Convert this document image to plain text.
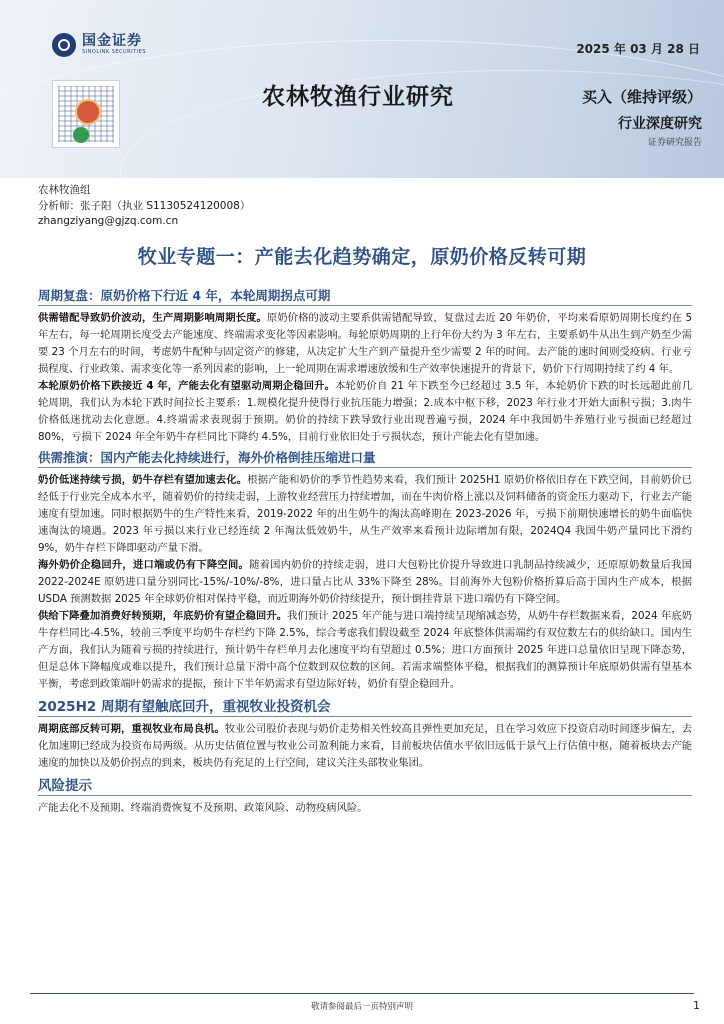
国金证券
SINOLINK SECURITIES	2025 年 03 月 28 日
农林牧渔行业研究	买入（维持评级）
行业深度研究
证券研究报告
农林牧渔组
分析师：张子阳（执业 S1130524120008）
zhangziyang@gjzq.com.cn
牧业专题一：产能去化趋势确定，原奶价格反转可期
周期复盘：原奶价格下行近 4 年，本轮周期拐点可期

供需错配导致奶价波动，生产周期影响周期长度。原奶价格的波动主要系供需错配导致，复盘过去近 20 年奶价，平均来看原奶周期长度约在 5 年左右，每一轮周期长度受去产能速度、终端需求变化等因素影响。每轮原奶周期的上行年份大约为 3 年左右，主要系奶牛从出生到产奶至少需要 23 个月左右的时间，考虑奶牛配种与固定资产的修建，从决定扩大生产到产量提升至少需要 2 年的时间。去产能的速时间则受疫病、行业亏损程度、行业政策、需求变化等一系列因素的影响，上一轮周期在需求增速放缓和生产效率快速提升的背景下，奶价下行周期持续了约 4 年。

本轮原奶价格下跌接近 4 年，产能去化有望驱动周期企稳回升。本轮奶价自 21 年下跌至今已经超过 3.5 年，本轮奶价下跌的时长远超此前几轮周期，我们认为本轮下跌时间拉长主要系：1.规模化提升使得行业抗压能力增强；2.成本中枢下移，2023 年行业才开始大面积亏损；3.肉牛价格低迷扰动去化意愿。4.终端需求表现弱于预期。奶价的持续下跌导致行业出现普遍亏损，2024 年中我国奶牛养殖行业亏损面已经超过 80%，亏损下 2024 年全年奶牛存栏同比下降约 4.5%，目前行业依旧处于亏损状态，预计产能去化有望加速。

供需推演：国内产能去化持续进行，海外价格倒挂压缩进口量

奶价低迷持续亏损，奶牛存栏有望加速去化。根据产能和奶价的季节性趋势来看，我们预计 2025H1 原奶价格依旧存在下跌空间，目前奶价已经低于行业完全成本水平，随着奶价的持续走弱，上游牧业经营压力持续增加，而在牛肉价格上涨以及饲料储备的资金压力驱动下，行业去产能速度有望加速。同时根据奶牛的生产特性来看，2019-2022 年的出生奶牛的淘汰高峰期在 2023-2026 年，亏损下前期快速增长的奶牛面临快速淘汰的境遇。2023 年亏损以来行业已经连续 2 年淘汰低效奶牛，从生产效率来看预计边际增加有限，2024Q4 我国牛奶产量同比下滑约 9%，奶牛存栏下降即驱动产量下滑。

海外奶价企稳回升，进口端或仍有下降空间。随着国内奶价的持续走弱，进口大包粉比价提升导致进口乳制品持续减少，还原原奶数量后我国 2022-2024E 原奶进口量分别同比-15%/-10%/-8%，进口量占比从 33%下降至 28%。目前海外大包粉价格折算后高于国内生产成本，根据 USDA 预测数据 2025 年全球奶价相对保持平稳，而近期海外奶价持续提升，预计倒挂背景下进口端仍有下降空间。

供给下降叠加消费好转预期，年底奶价有望企稳回升。我们预计 2025 年产能与进口端持续呈现缩减态势，从奶牛存栏数据来看，2024 年底奶牛存栏同比-4.5%，较前三季度平均奶牛存栏约下降 2.5%，综合考虑我们假设截至 2024 年底整体供需端约有双位数左右的供给缺口。国内生产方面，我们认为随着亏损的持续进行，预计奶牛存栏单月去化速度平均有望超过 0.5%；进口方面预计 2025 年进口总量依旧呈现下降态势，但是总体下降幅度或难以提升，我们预计总量下滑中高个位数到双位数的区间。若需求端整体平稳，根据我们的测算预计年底原奶供需有望基本平衡，考虑到政策端叶奶需求的提振，预计下半年奶需求有望边际好转，奶价有望企稳回升。

2025H2 周期有望触底回升，重视牧业投资机会

周期底部反转可期，重视牧业布局良机。牧业公司股价表现与奶价走势相关性较高且弹性更加充足，且在学习效应下投资启动时间逐步偏左，去化加速期已经成为投资布局两级。从历史估值位置与牧业公司盈利能力来看，目前板块估值水平依旧远低于景气上行估值中枢，随着板块去产能速度的加快以及奶价拐点的到来，板块仍有充足的上行空间，建议关注头部牧业集团。

风险提示

产能去化不及预期、终端消费恢复不及预期、政策风险、动物疫病风险。

敬请参阅最后一页特别声明	1
